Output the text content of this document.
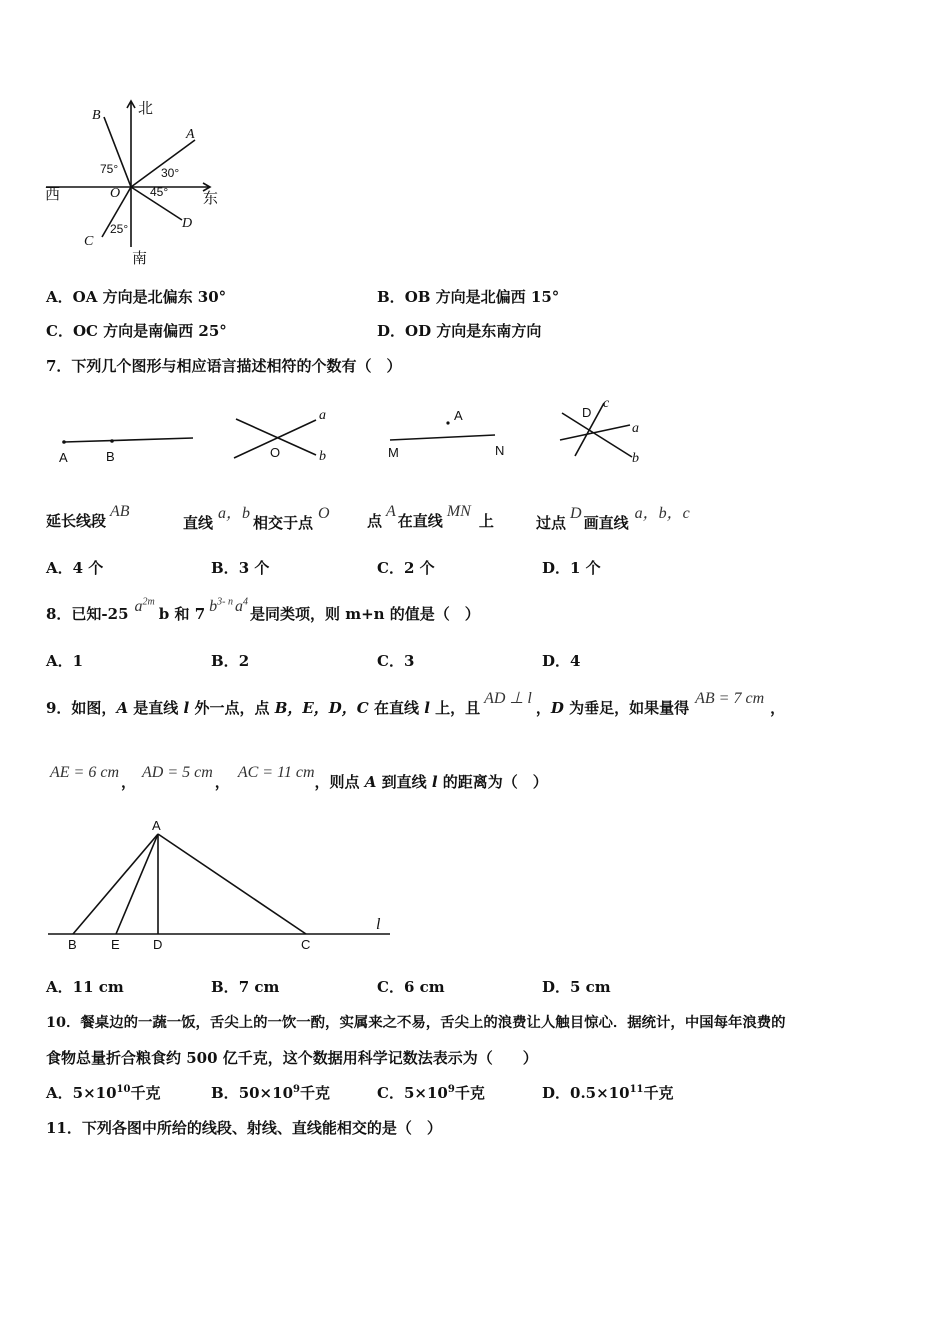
北
南
西	东
A
B
C
D
O
75°	30°
45°
25°
A．OA 方向是北偏东 30°	B．OB 方向是北偏西 15°
C．OC 方向是南偏西 25°	D．OD 方向是东南方向
7．下列几个图形与相应语言描述相符的个数有（　）
A	B	O
a
b
A
M	N
D
c
a
b
延长线段AB
直线a，b相交于点O 点A在直线MN上	过点D画直线a，b，c
A．4 个	B．3 个	C．2 个	D．1 个
8．已知-25 $a^{2m}b$ 和 7 $b^{3- n}$ $a^4$是同类项，则 m+n 的值是（　）
A．1	B．2	C．3	D．4
9．如图，A 是直线 l 外一点，点 B，E，D，C 在直线 l 上，且AD ⊥ l，D 为垂足，如果量得AB = 7 cm，
AE = 6 cm，AD = 5 cm，AC = 11 cm，则点 A 到直线 l 的距离为（　）
A
B	E	D	C
l
A．11 cm	B．7 cm	C．6 cm	D．5 cm
10．餐桌边的一蔬一饭，舌尖上的一饮一酌，实属来之不易，舌尖上的浪费让人触目惊心．据统计，中国每年浪费的
食物总量折合粮食约 500 亿千克，这个数据用科学记数法表示为（　　）
A．$5\times 10^{10}$千克	B．$50\times 10^9$千克	C．$5\times 10^9$千克	D．$0.5\times 10^{11}$千克
11．下列各图中所给的线段、射线、直线能相交的是（　）
